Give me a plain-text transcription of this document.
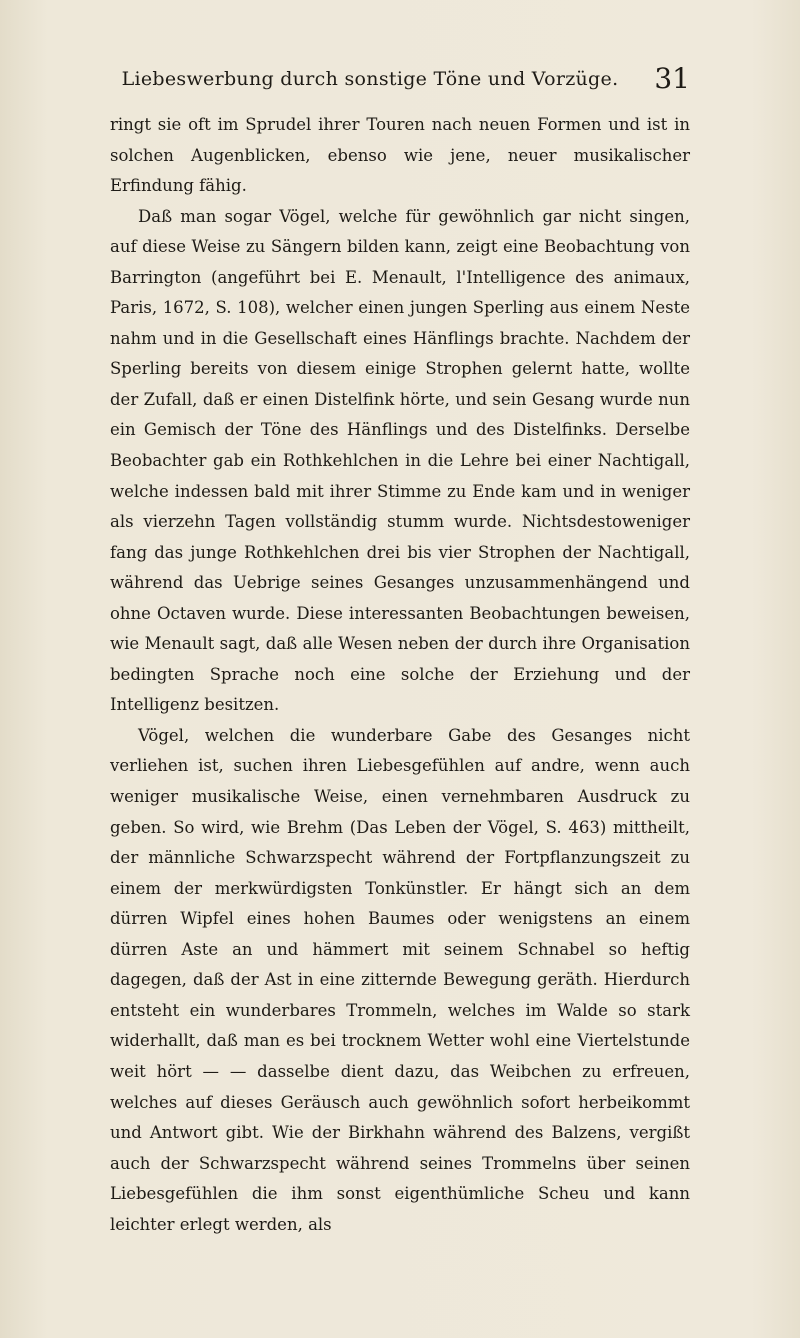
Liebeswerbung durch sonstige Töne und Vorzüge.	31

ringt sie oft im Sprudel ihrer Touren nach neuen Formen und ist in solchen Augenblicken, ebenso wie jene, neuer musikalischer Erfindung fähig.

Daß man sogar Vögel, welche für gewöhnlich gar nicht singen, auf diese Weise zu Sängern bilden kann, zeigt eine Beobachtung von Barrington (angeführt bei E. Menault, l'Intelligence des animaux, Paris, 1672, S. 108), welcher einen jungen Sperling aus einem Neste nahm und in die Gesellschaft eines Hänflings brachte. Nachdem der Sperling bereits von diesem einige Strophen gelernt hatte, wollte der Zufall, daß er einen Distelfink hörte, und sein Gesang wurde nun ein Gemisch der Töne des Hänflings und des Distelfinks. Derselbe Beobachter gab ein Rothkehlchen in die Lehre bei einer Nachtigall, welche indessen bald mit ihrer Stimme zu Ende kam und in weniger als vierzehn Tagen vollständig stumm wurde. Nichtsdestoweniger fang das junge Rothkehlchen drei bis vier Strophen der Nachtigall, während das Uebrige seines Gesanges unzusammenhängend und ohne Octaven wurde. Diese interessanten Beobachtungen beweisen, wie Menault sagt, daß alle Wesen neben der durch ihre Organisation bedingten Sprache noch eine solche der Erziehung und der Intelligenz besitzen.

Vögel, welchen die wunderbare Gabe des Gesanges nicht verliehen ist, suchen ihren Liebesgefühlen auf andre, wenn auch weniger musikalische Weise, einen vernehmbaren Ausdruck zu geben. So wird, wie Brehm (Das Leben der Vögel, S. 463) mittheilt, der männliche Schwarzspecht während der Fortpflanzungszeit zu einem der merkwürdigsten Tonkünstler. Er hängt sich an dem dürren Wipfel eines hohen Baumes oder wenigstens an einem dürren Aste an und hämmert mit seinem Schnabel so heftig dagegen, daß der Ast in eine zitternde Bewegung geräth. Hierdurch entsteht ein wunderbares Trommeln, welches im Walde so stark widerhallt, daß man es bei trocknem Wetter wohl eine Viertelstunde weit hört — — dasselbe dient dazu, das Weibchen zu erfreuen, welches auf dieses Geräusch auch gewöhnlich sofort herbeikommt und Antwort gibt. Wie der Birkhahn während des Balzens, vergißt auch der Schwarzspecht während seines Trommelns über seinen Liebesgefühlen die ihm sonst eigenthümliche Scheu und kann leichter erlegt werden, als
